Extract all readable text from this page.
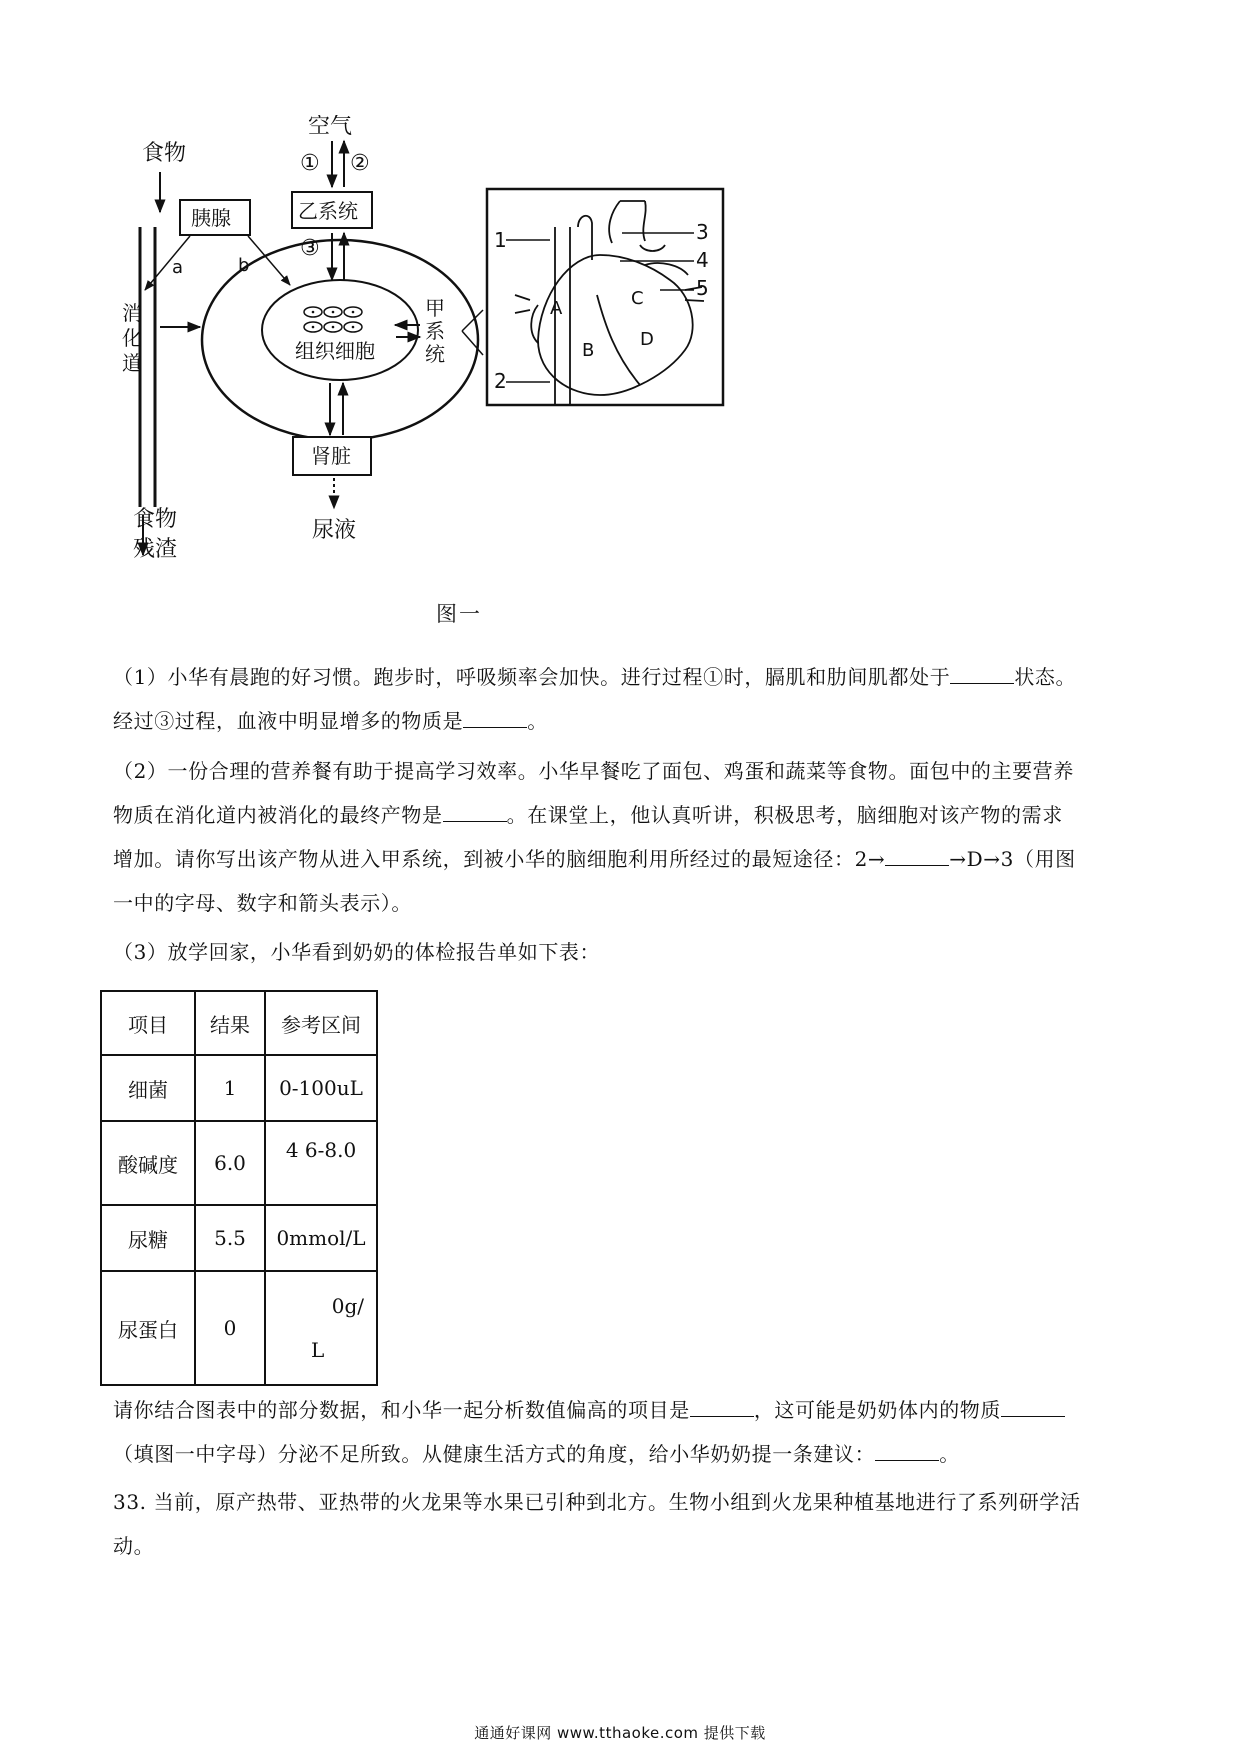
食物
消
化
道
胰腺
a	b
组织细胞
甲
系
统
空气
① ②
乙系统
③
肾脏
尿液
A
B
C
D
1
2
3
4
5
食物
残渣
图一
（1）小华有晨跑的好习惯。跑步时，呼吸频率会加快。进行过程①时，膈肌和肋间肌都处于	状态。
经过③过程，血液中明显增多的物质是	。
（2）一份合理的营养餐有助于提高学习效率。小华早餐吃了面包、鸡蛋和蔬菜等食物。面包中的主要营养
物质在消化道内被消化的最终产物是	。在课堂上，他认真听讲，积极思考，脑细胞对该产物的需求
增加。请你写出该产物从进入甲系统，到被小华的脑细胞利用所经过的最短途径：2→	→D→3（用图
一中的字母、数字和箭头表示）。
（3）放学回家，小华看到奶奶的体检报告单如下表：
项目	结果	参考区间
细菌	1	0-100uL
酸碱度	6.0	4 6-8.0
尿糖	5.5	0mmol/L
尿蛋白	0	0g/
L
请你结合图表中的部分数据，和小华一起分析数值偏高的项目是	，这可能是奶奶体内的物质
（填图一中字母）分泌不足所致。从健康生活方式的角度，给小华奶奶提一条建议：	。
33. 当前，原产热带、亚热带的火龙果等水果已引种到北方。生物小组到火龙果种植基地进行了系列研学活
动。
通通好课网 www.tthaoke.com 提供下载
